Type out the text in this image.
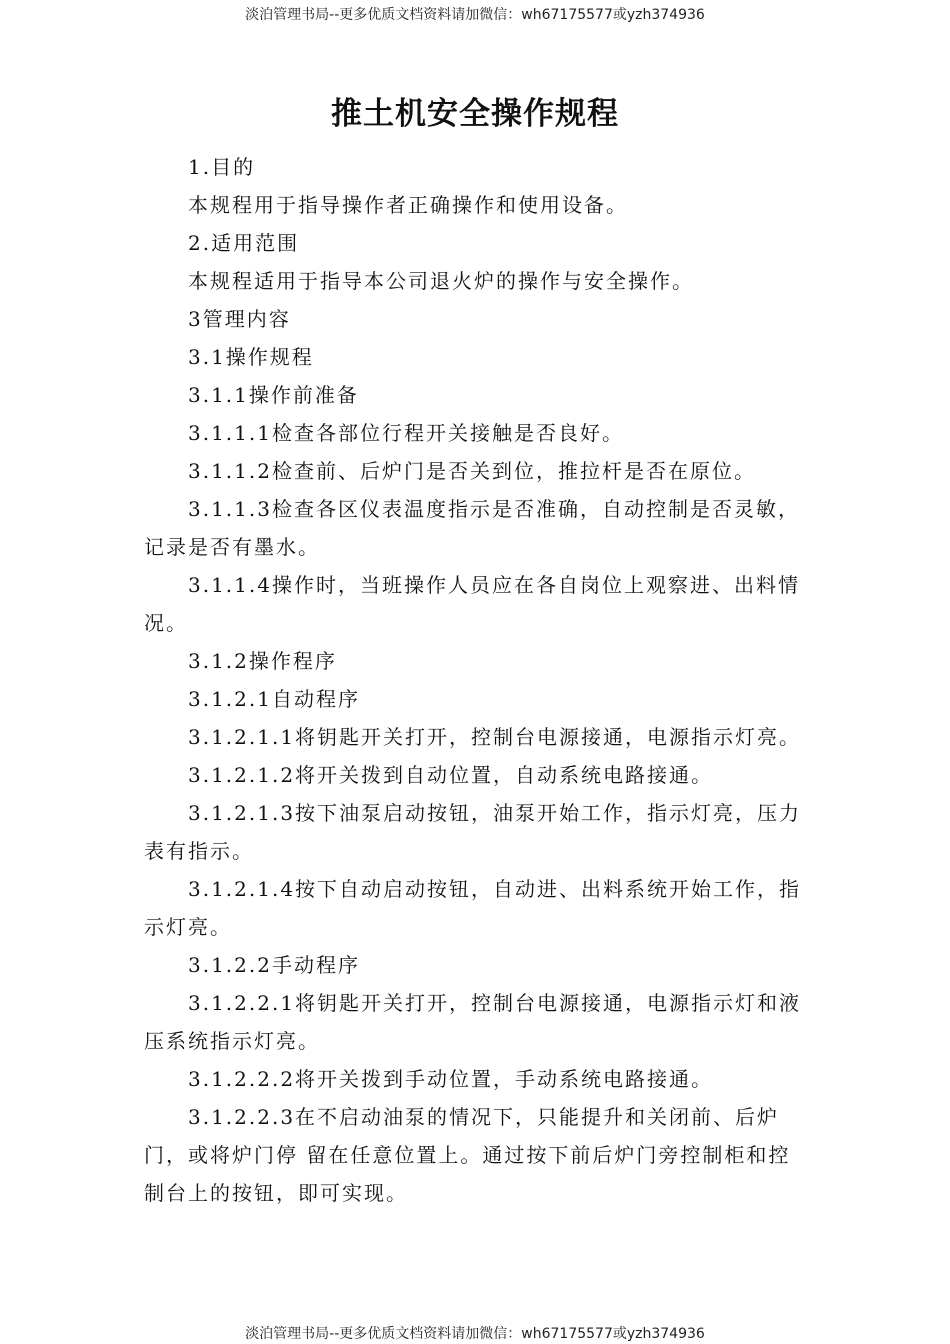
淡泊管理书局--更多优质文档资料请加微信：wh67175577或yzh374936
推土机安全操作规程

1.目的

本规程用于指导操作者正确操作和使用设备。

2.适用范围

本规程适用于指导本公司退火炉的操作与安全操作。

3管理内容

3.1操作规程

3.1.1操作前准备

3.1.1.1检查各部位行程开关接触是否良好。

3.1.1.2检查前、后炉门是否关到位，推拉杆是否在原位。

3.1.1.3检查各区仪表温度指示是否准确，自动控制是否灵敏，记录是否有墨水。

3.1.1.4操作时，当班操作人员应在各自岗位上观察进、出料情况。

3.1.2操作程序

3.1.2.1自动程序

3.1.2.1.1将钥匙开关打开，控制台电源接通，电源指示灯亮。

3.1.2.1.2将开关拨到自动位置，自动系统电路接通。

3.1.2.1.3按下油泵启动按钮，油泵开始工作，指示灯亮，压力表有指示。

3.1.2.1.4按下自动启动按钮，自动进、出料系统开始工作，指示灯亮。

3.1.2.2手动程序

3.1.2.2.1将钥匙开关打开，控制台电源接通，电源指示灯和液压系统指示灯亮。

3.1.2.2.2将开关拨到手动位置，手动系统电路接通。

3.1.2.2.3在不启动油泵的情况下，只能提升和关闭前、后炉门，或将炉门停 留在任意位置上。通过按下前后炉门旁控制柜和控制台上的按钮，即可实现。

淡泊管理书局--更多优质文档资料请加微信：wh67175577或yzh374936
